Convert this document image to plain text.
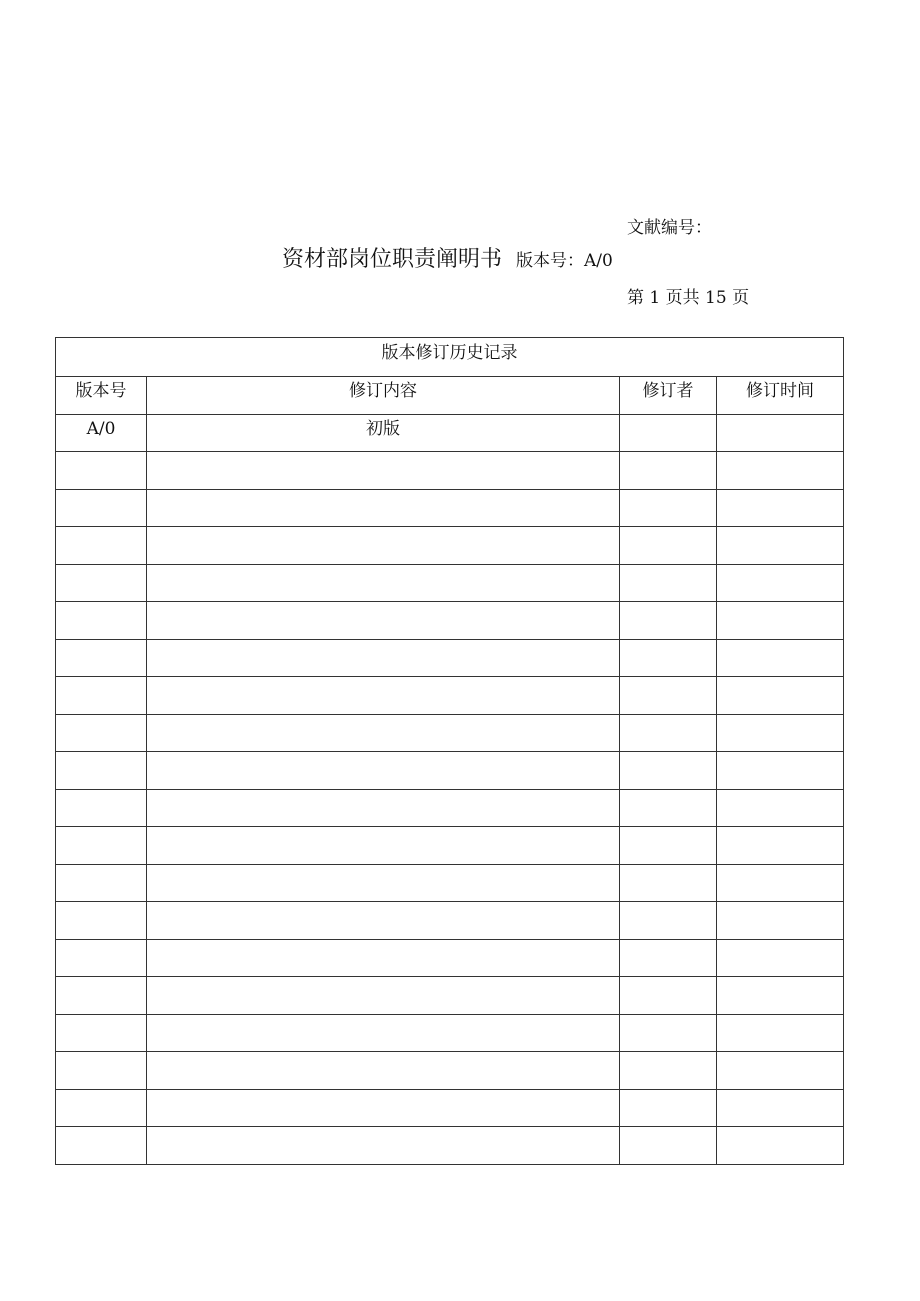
文献编号：
资材部岗位职责阐明书 版本号：A/0
第 1 页共 15 页
版本修订历史记录			
版本号	修订内容	修订者	修订时间
A/0	初版		
